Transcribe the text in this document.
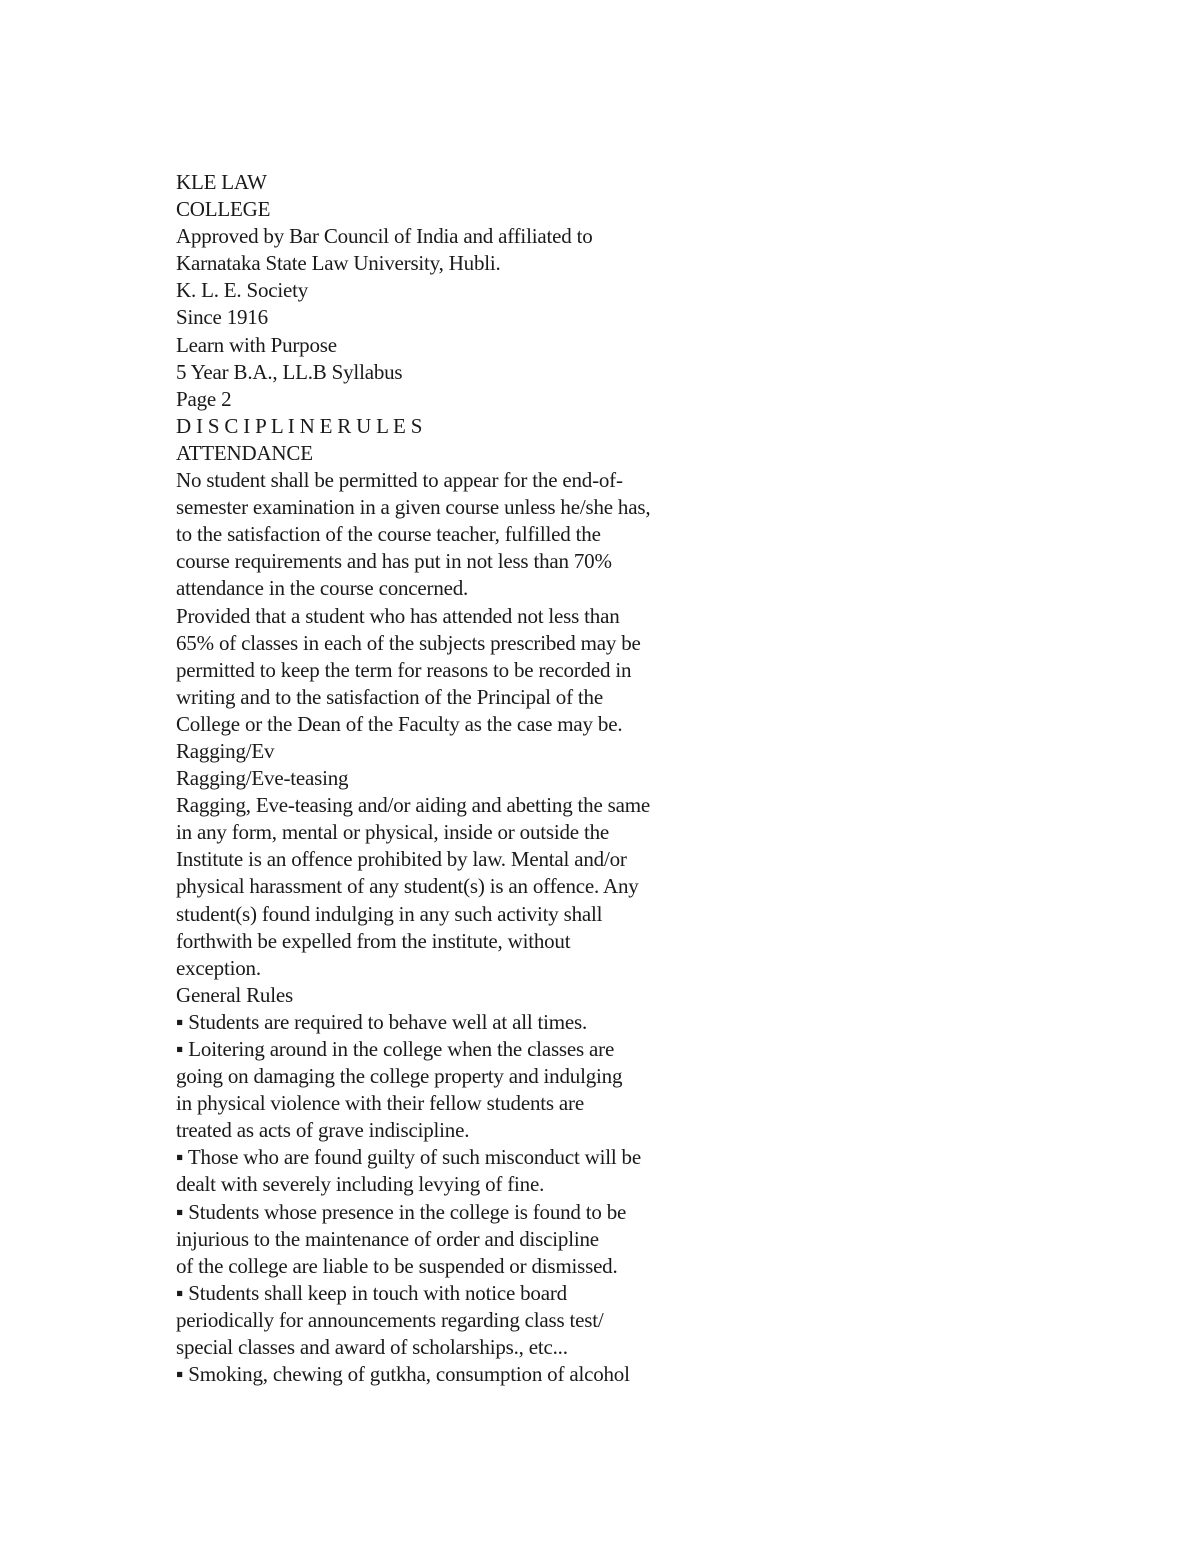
KLE LAW
COLLEGE
Approved by Bar Council of India and affiliated to
Karnataka State Law University, Hubli.
K. L. E. Society
Since 1916
Learn with Purpose
5 Year B.A., LL.B Syllabus
Page 2
D I S C I P L I N E R U L E S
ATTENDANCE
No student shall be permitted to appear for the end-of-
semester examination in a given course unless he/she has,
to the satisfaction of the course teacher, fulfilled the
course requirements and has put in not less than 70%
attendance in the course concerned.
Provided that a student who has attended not less than
65% of classes in each of the subjects prescribed may be
permitted to keep the term for reasons to be recorded in
writing and to the satisfaction of the Principal of the
College or the Dean of the Faculty as the case may be.
Ragging/Ev
Ragging/Eve-teasing
Ragging, Eve-teasing and/or aiding and abetting the same
in any form, mental or physical, inside or outside the
Institute is an offence prohibited by law. Mental and/or
physical harassment of any student(s) is an offence. Any
student(s) found indulging in any such activity shall
forthwith be expelled from the institute, without
exception.
General Rules
▪ Students are required to behave well at all times.
▪ Loitering around in the college when the classes are
going on damaging the college property and indulging
in physical violence with their fellow students are
treated as acts of grave indiscipline.
▪ Those who are found guilty of such misconduct will be
dealt with severely including levying of fine.
▪ Students whose presence in the college is found to be
injurious to the maintenance of order and discipline
of the college are liable to be suspended or dismissed.
▪ Students shall keep in touch with notice board
periodically for announcements regarding class test/
special classes and award of scholarships., etc...
▪ Smoking, chewing of gutkha, consumption of alcohol
